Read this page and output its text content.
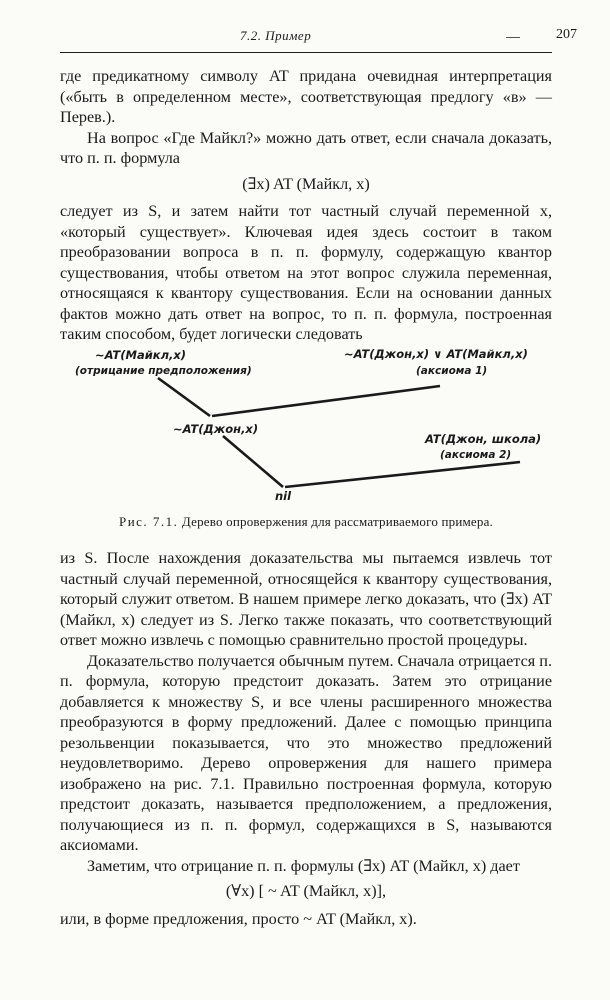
7.2. Пример	207

где предикатному символу AT придана очевидная интерпретация («быть в определенном месте», соответствующая предлогу «в» — Перев.).

На вопрос «Где Майкл?» можно дать ответ, если сначала доказать, что п. п. формула

(∃x) AT (Майкл, x)

следует из S, и затем найти тот частный случай переменной x, «который существует». Ключевая идея здесь состоит в таком преобразовании вопроса в п. п. формулу, содержащую квантор существования, чтобы ответом на этот вопрос служила переменная, относящаяся к квантору существования. Если на основании данных фактов можно дать ответ на вопрос, то п. п. формула, построенная таким способом, будет логически следовать

~AT(Майкл,x)
(отрицание предположения)
~AT(Джон,x) ∨ AT(Майкл,x)
(аксиома 1)
~AT(Джон,x)
AT(Джон, школа)
(аксиома 2)
nil
Рис. 7.1. Дерево опровержения для рассматриваемого примера.

из S. После нахождения доказательства мы пытаемся извлечь тот частный случай переменной, относящейся к квантору существования, который служит ответом. В нашем примере легко доказать, что (∃x) AT (Майкл, x) следует из S. Легко также показать, что соответствующий ответ можно извлечь с помощью сравнительно простой процедуры.

Доказательство получается обычным путем. Сначала отрицается п. п. формула, которую предстоит доказать. Затем это отрицание добавляется к множеству S, и все члены расширенного множества преобразуются в форму предложений. Далее с помощью принципа резольвенции показывается, что это множество предложений неудовлетворимо. Дерево опровержения для нашего примера изображено на рис. 7.1. Правильно построенная формула, которую предстоит доказать, называется предположением, а предложения, получающиеся из п. п. формул, содержащихся в S, называются аксиомами.

Заметим, что отрицание п. п. формулы (∃x) AT (Майкл, x) дает

(∀x) [ ~ AT (Майкл, x)],

или, в форме предложения, просто ~ AT (Майкл, x).
